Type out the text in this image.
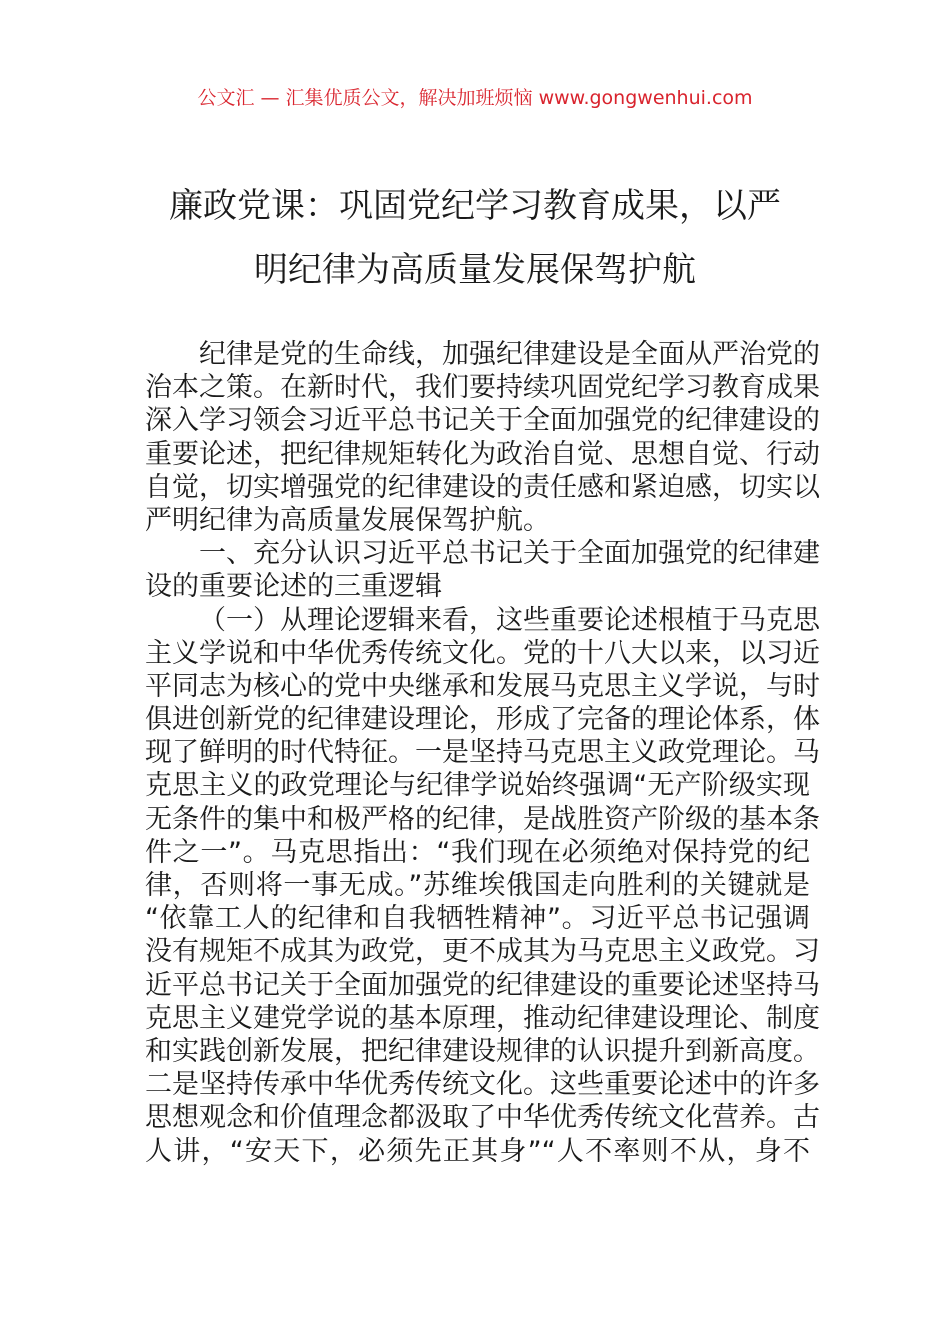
公文汇 — 汇集优质公文，解决加班烦恼 www.gongwenhui.com
廉政党课：巩固党纪学习教育成果，以严
明纪律为高质量发展保驾护航
纪律是党的生命线，加强纪律建设是全面从严治党的
治本之策。在新时代，我们要持续巩固党纪学习教育成果
深入学习领会习近平总书记关于全面加强党的纪律建设的
重要论述，把纪律规矩转化为政治自觉、思想自觉、行动
自觉，切实增强党的纪律建设的责任感和紧迫感，切实以
严明纪律为高质量发展保驾护航。
一、充分认识习近平总书记关于全面加强党的纪律建
设的重要论述的三重逻辑
（一）从理论逻辑来看，这些重要论述根植于马克思
主义学说和中华优秀传统文化。党的十八大以来，以习近
平同志为核心的党中央继承和发展马克思主义学说，与时
俱进创新党的纪律建设理论，形成了完备的理论体系，体
现了鲜明的时代特征。一是坚持马克思主义政党理论。马
克思主义的政党理论与纪律学说始终强调“无产阶级实现
无条件的集中和极严格的纪律，是战胜资产阶级的基本条
件之一”。马克思指出：“我们现在必须绝对保持党的纪
律，否则将一事无成。”苏维埃俄国走向胜利的关键就是
“依靠工人的纪律和自我牺牲精神”。习近平总书记强调
没有规矩不成其为政党，更不成其为马克思主义政党。习
近平总书记关于全面加强党的纪律建设的重要论述坚持马
克思主义建党学说的基本原理，推动纪律建设理论、制度
和实践创新发展，把纪律建设规律的认识提升到新高度。
二是坚持传承中华优秀传统文化。这些重要论述中的许多
思想观念和价值理念都汲取了中华优秀传统文化营养。古
人讲，“安天下，必须先正其身”“人不率则不从，身不
